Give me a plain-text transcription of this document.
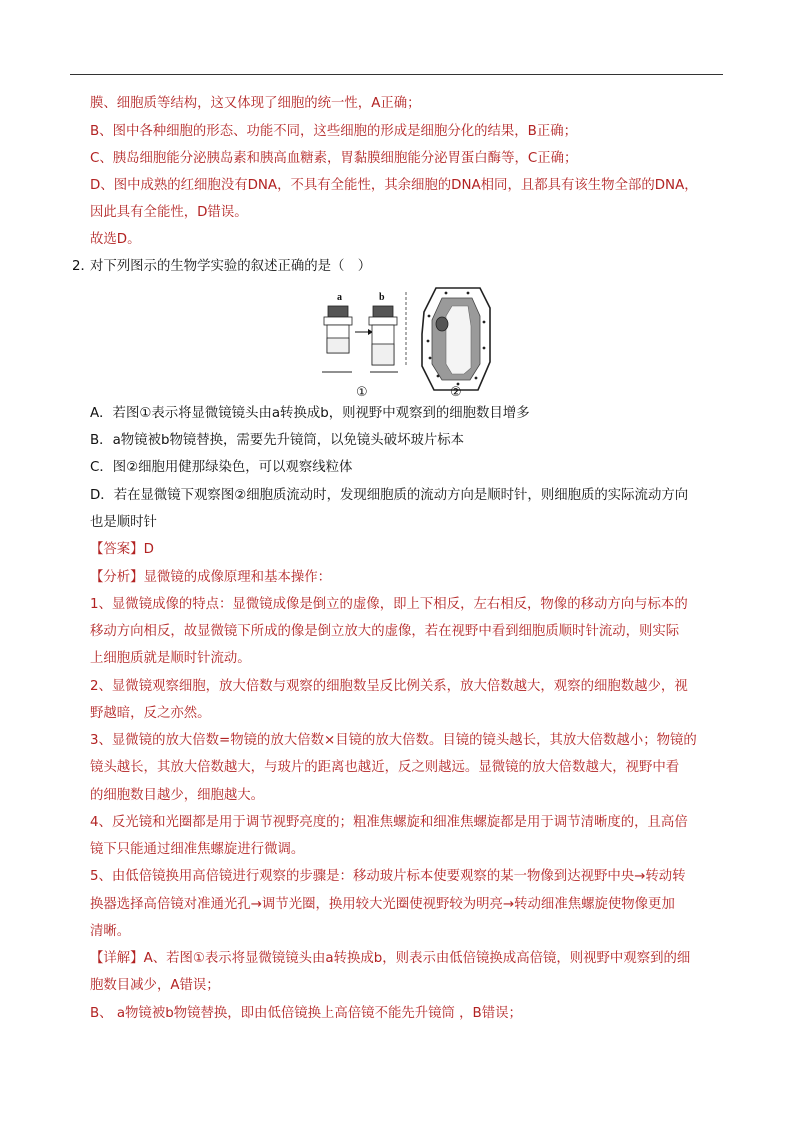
膜、细胞质等结构，这又体现了细胞的统一性，A正确；
B、图中各种细胞的形态、功能不同，这些细胞的形成是细胞分化的结果，B正确；
C、胰岛细胞能分泌胰岛素和胰高血糖素，胃黏膜细胞能分泌胃蛋白酶等，C正确；
D、图中成熟的红细胞没有DNA，不具有全能性，其余细胞的DNA相同，且都具有该生物全部的DNA，
因此具有全能性，D错误。
故选D。
2．
对下列图示的生物学实验的叙述正确的是（　）
a	b
①	②
A．若图①表示将显微镜镜头由a转换成b，则视野中观察到的细胞数目增多
B．a物镜被b物镜替换，需要先升镜筒，以免镜头破坏玻片标本
C．图②细胞用健那绿染色，可以观察线粒体
D．若在显微镜下观察图②细胞质流动时，发现细胞质的流动方向是顺时针，则细胞质的实际流动方向
也是顺时针
【答案】D
【分析】显微镜的成像原理和基本操作：
1、显微镜成像的特点：显微镜成像是倒立的虚像，即上下相反，左右相反，物像的移动方向与标本的
移动方向相反，故显微镜下所成的像是倒立放大的虚像，若在视野中看到细胞质顺时针流动，则实际
上细胞质就是顺时针流动。
2、显微镜观察细胞，放大倍数与观察的细胞数呈反比例关系，放大倍数越大，观察的细胞数越少，视
野越暗，反之亦然。
3、显微镜的放大倍数=物镜的放大倍数×目镜的放大倍数。目镜的镜头越长，其放大倍数越小；物镜的
镜头越长，其放大倍数越大，与玻片的距离也越近，反之则越远。显微镜的放大倍数越大，视野中看
的细胞数目越少，细胞越大。
4、反光镜和光圈都是用于调节视野亮度的；粗准焦螺旋和细准焦螺旋都是用于调节清晰度的，且高倍
镜下只能通过细准焦螺旋进行微调。
5、由低倍镜换用高倍镜进行观察的步骤是：移动玻片标本使要观察的某一物像到达视野中央→转动转
换器选择高倍镜对准通光孔→调节光圈，换用较大光圈使视野较为明亮→转动细准焦螺旋使物像更加
清晰。
【详解】A、若图①表示将显微镜镜头由a转换成b，则表示由低倍镜换成高倍镜，则视野中观察到的细
胞数目减少，A错误；
B、 a物镜被b物镜替换，即由低倍镜换上高倍镜不能先升镜筒 ，B错误；
